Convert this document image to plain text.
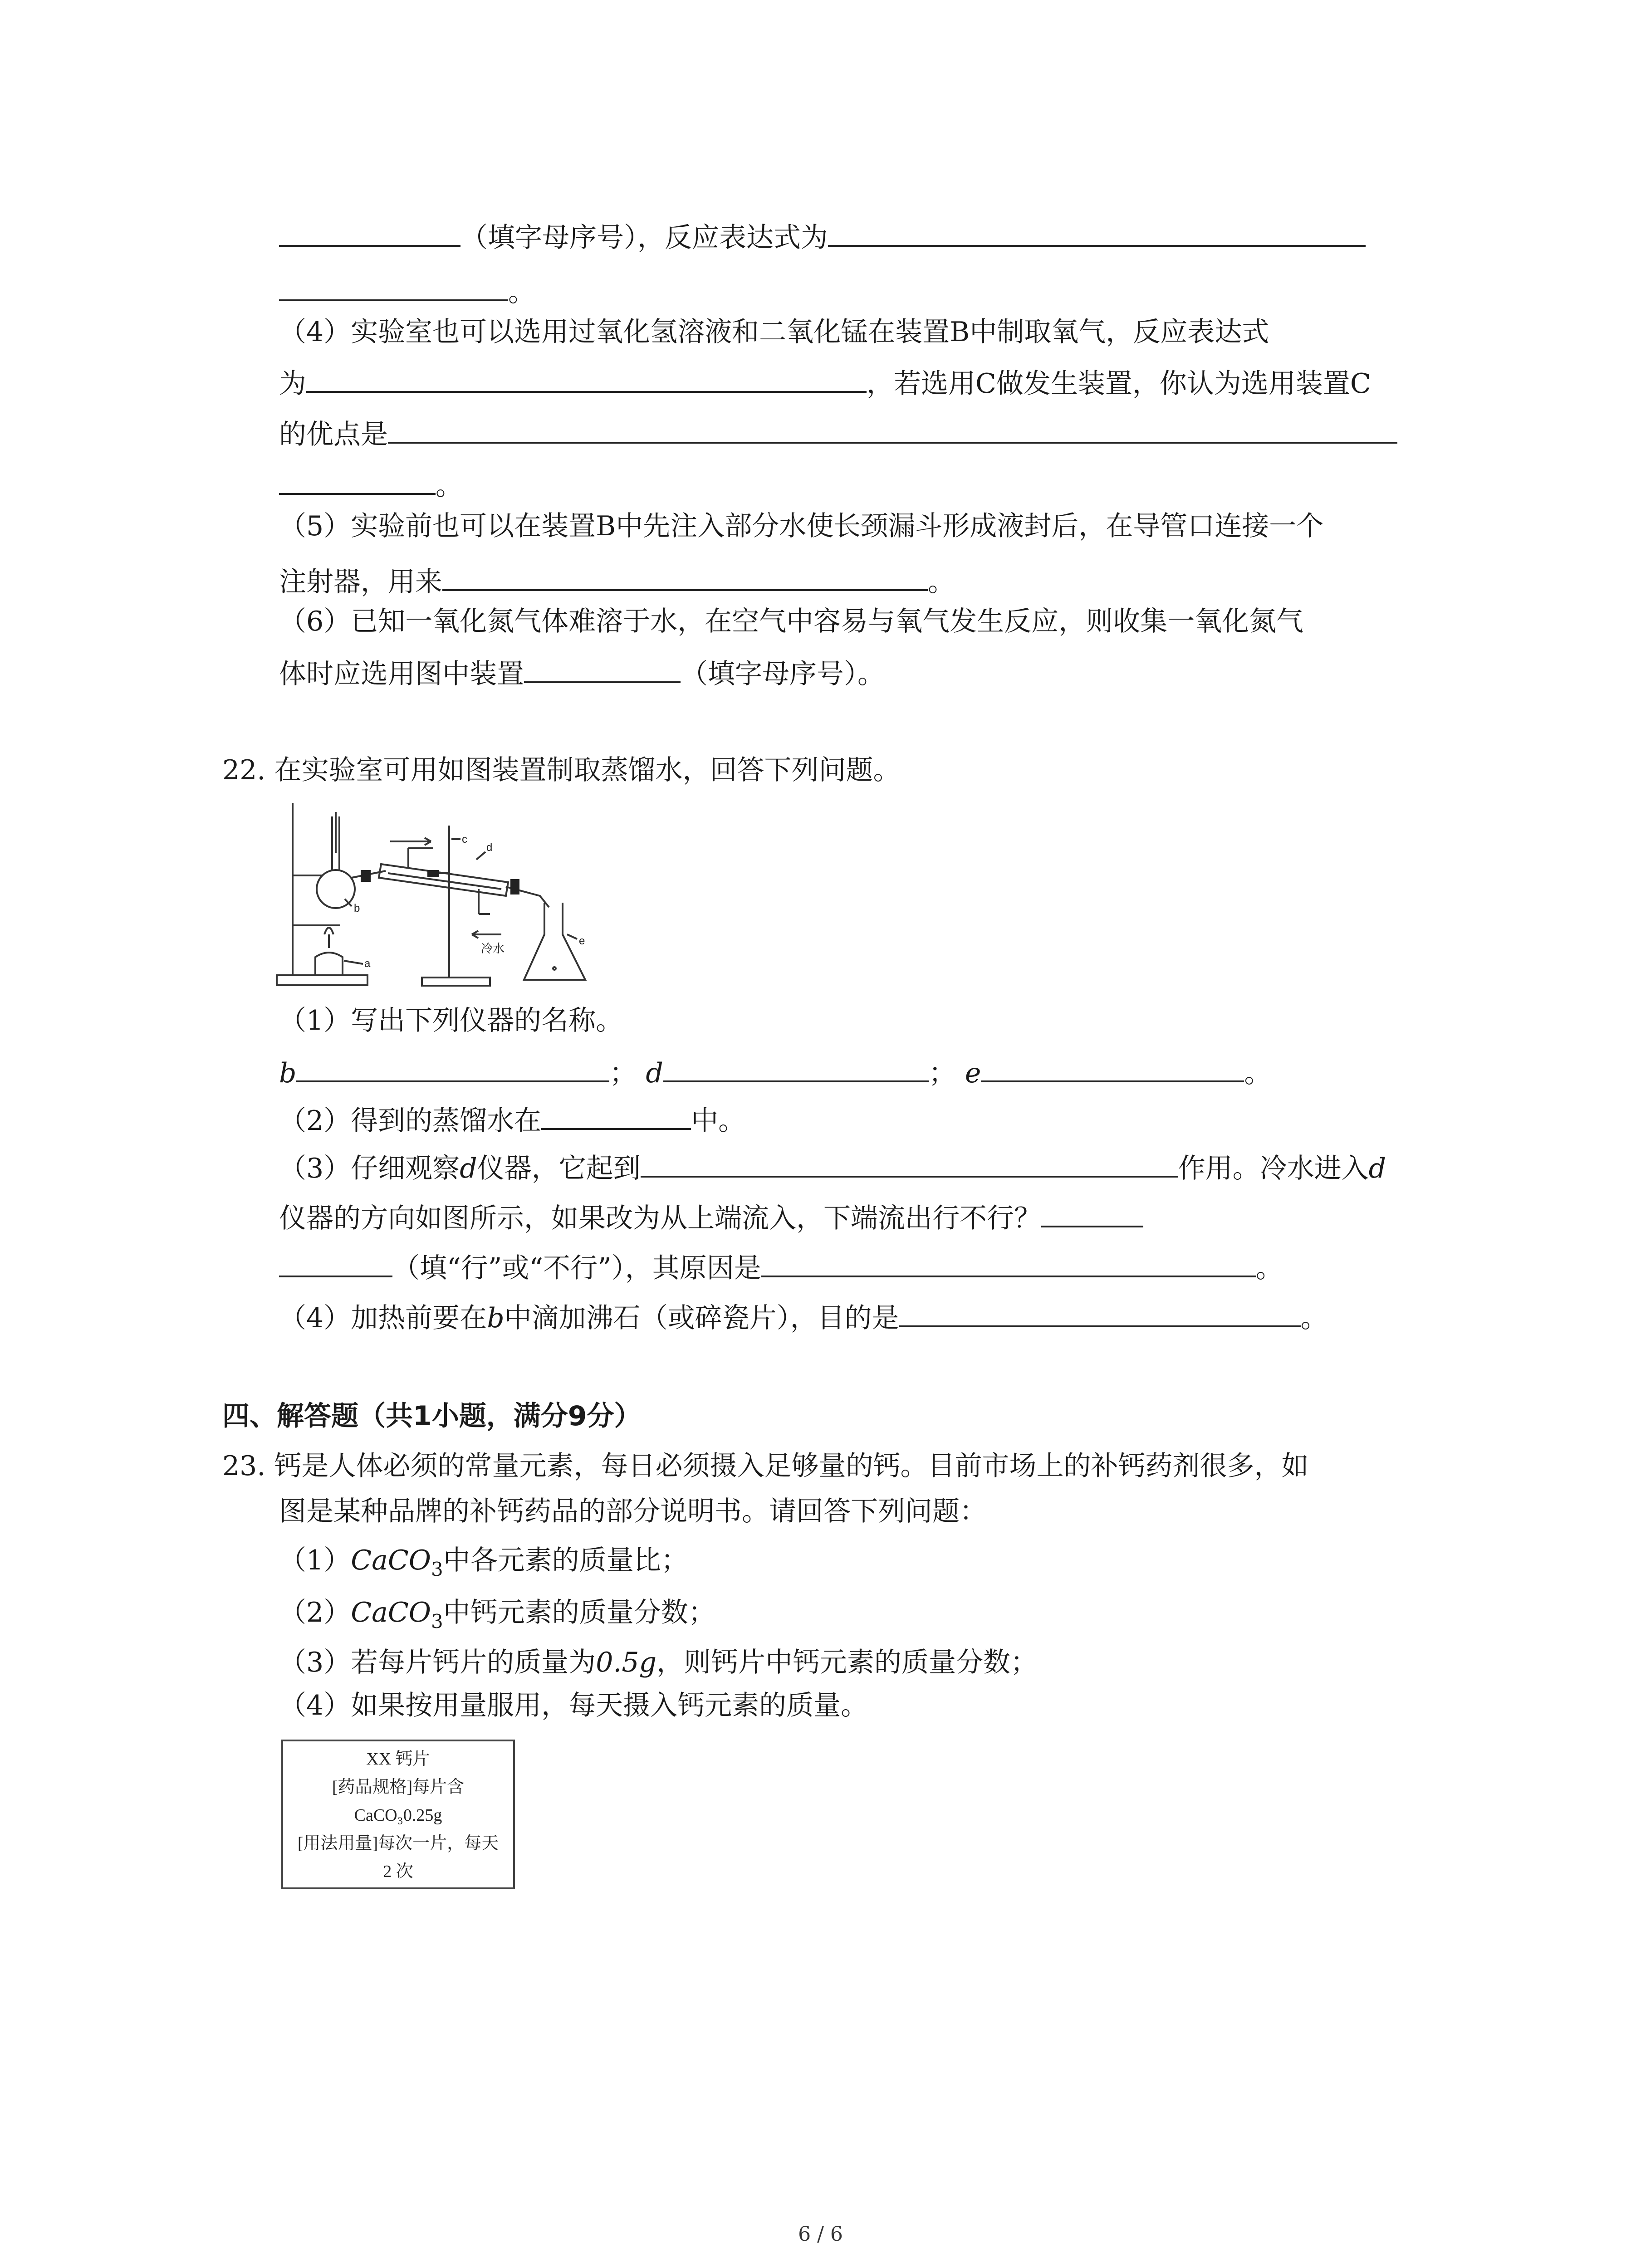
（填字母序号），反应表达式为
。
（4）实验室也可以选用过氧化氢溶液和二氧化锰在装置B中制取氧气，反应表达式
为	，若选用C做发生装置，你认为选用装置C
的优点是
。
（5）实验前也可以在装置B中先注入部分水使长颈漏斗形成液封后，在导管口连接一个
注射器，用来	。
（6）已知一氧化氮气体难溶于水，在空气中容易与氧气发生反应，则收集一氧化氮气
体时应选用图中装置	（填字母序号）。
22. 在实验室可用如图装置制取蒸馏水，回答下列问题。
a
b
c
d
e
冷水
（1）写出下列仪器的名称。
b	； d	； e	。
（2）得到的蒸馏水在	中。
（3）仔细观察d仪器，它起到	作用。冷水进入d
仪器的方向如图所示，如果改为从上端流入，下端流出行不行？
（填“行”或“不行”），其原因是	。
（4）加热前要在b中滴加沸石（或碎瓷片），目的是	。
四、解答题（共1小题，满分9分）
23. 钙是人体必须的常量元素，每日必须摄入足够量的钙。目前市场上的补钙药剂很多，如
图是某种品牌的补钙药品的部分说明书。请回答下列问题：
（1）CaCO$_3$中各元素的质量比；
（2）CaCO$_3$中钙元素的质量分数；
（3）若每片钙片的质量为0.5g，则钙片中钙元素的质量分数；
（4）如果按用量服用，每天摄入钙元素的质量。
XX 钙片
[药品规格]每片含
CaCO₃0.25g
[用法用量]每次一片，每天
2 次
6 / 6
